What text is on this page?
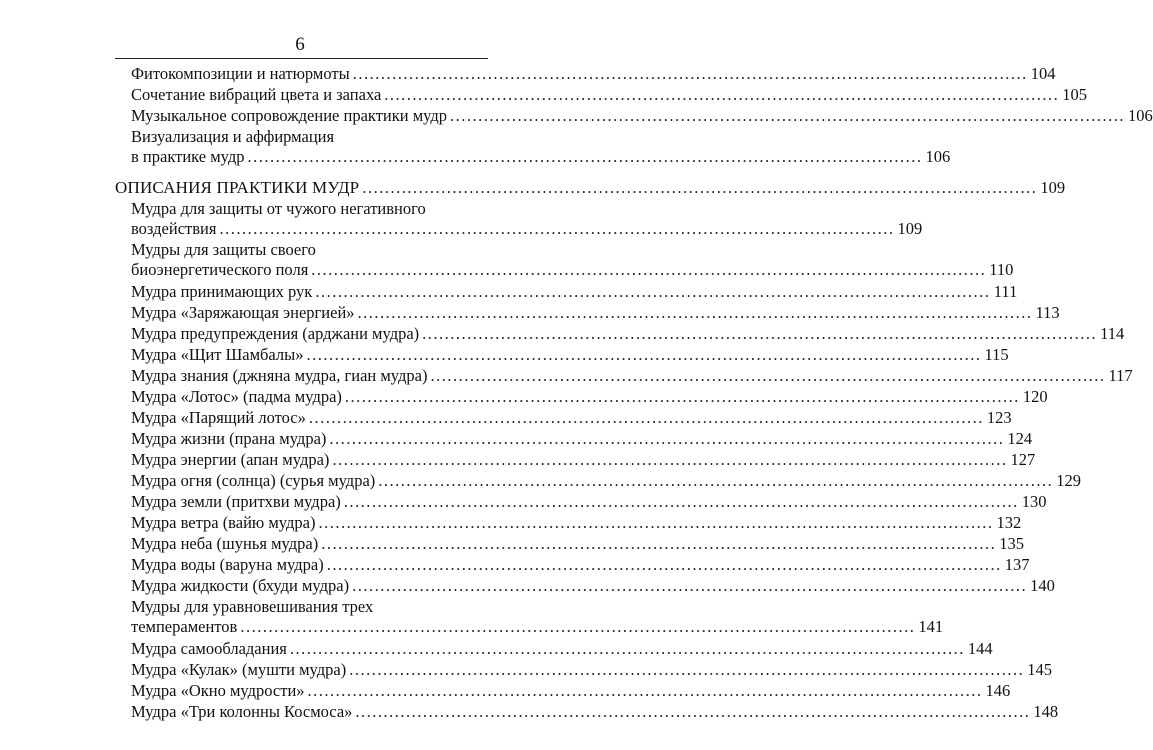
6
Фитокомпозиции и натюрмоты ........................................................................................................................ 104
Сочетание вибраций цвета и запаха ........................................................................................................................ 105
Музыкальное сопровождение практики мудр ........................................................................................................................ 106
Визуализация и аффирмация
в практике мудр ........................................................................................................................ 106
ОПИСАНИЯ ПРАКТИКИ МУДР ........................................................................................................................ 109
Мудра для защиты от чужого негативного
воздействия ........................................................................................................................ 109
Мудры для защиты своего
биоэнергетического поля ........................................................................................................................ 110
Мудра принимающих рук ........................................................................................................................ 111
Мудра «Заряжающая энергией» ........................................................................................................................ 113
Мудра предупреждения (арджани мудра) ........................................................................................................................ 114
Мудра «Щит Шамбалы» ........................................................................................................................ 115
Мудра знания (джняна мудра, гиан мудра) ........................................................................................................................ 117
Мудра «Лотос» (падма мудра) ........................................................................................................................ 120
Мудра «Парящий лотос» ........................................................................................................................ 123
Мудра жизни (прана мудра) ........................................................................................................................ 124
Мудра энергии (апан мудра) ........................................................................................................................ 127
Мудра огня (солнца) (сурья мудра) ........................................................................................................................ 129
Мудра земли (притхви мудра) ........................................................................................................................ 130
Мудра ветра (вайю мудра) ........................................................................................................................ 132
Мудра неба (шунья мудра) ........................................................................................................................ 135
Мудра воды (варуна мудра) ........................................................................................................................ 137
Мудра жидкости (бхуди мудра) ........................................................................................................................ 140
Мудры для уравновешивания трех
темпераментов ........................................................................................................................ 141
Мудра самообладания ........................................................................................................................ 144
Мудра «Кулак» (мушти мудра) ........................................................................................................................ 145
Мудра «Окно мудрости» ........................................................................................................................ 146
Мудра «Три колонны Космоса» ........................................................................................................................ 148
